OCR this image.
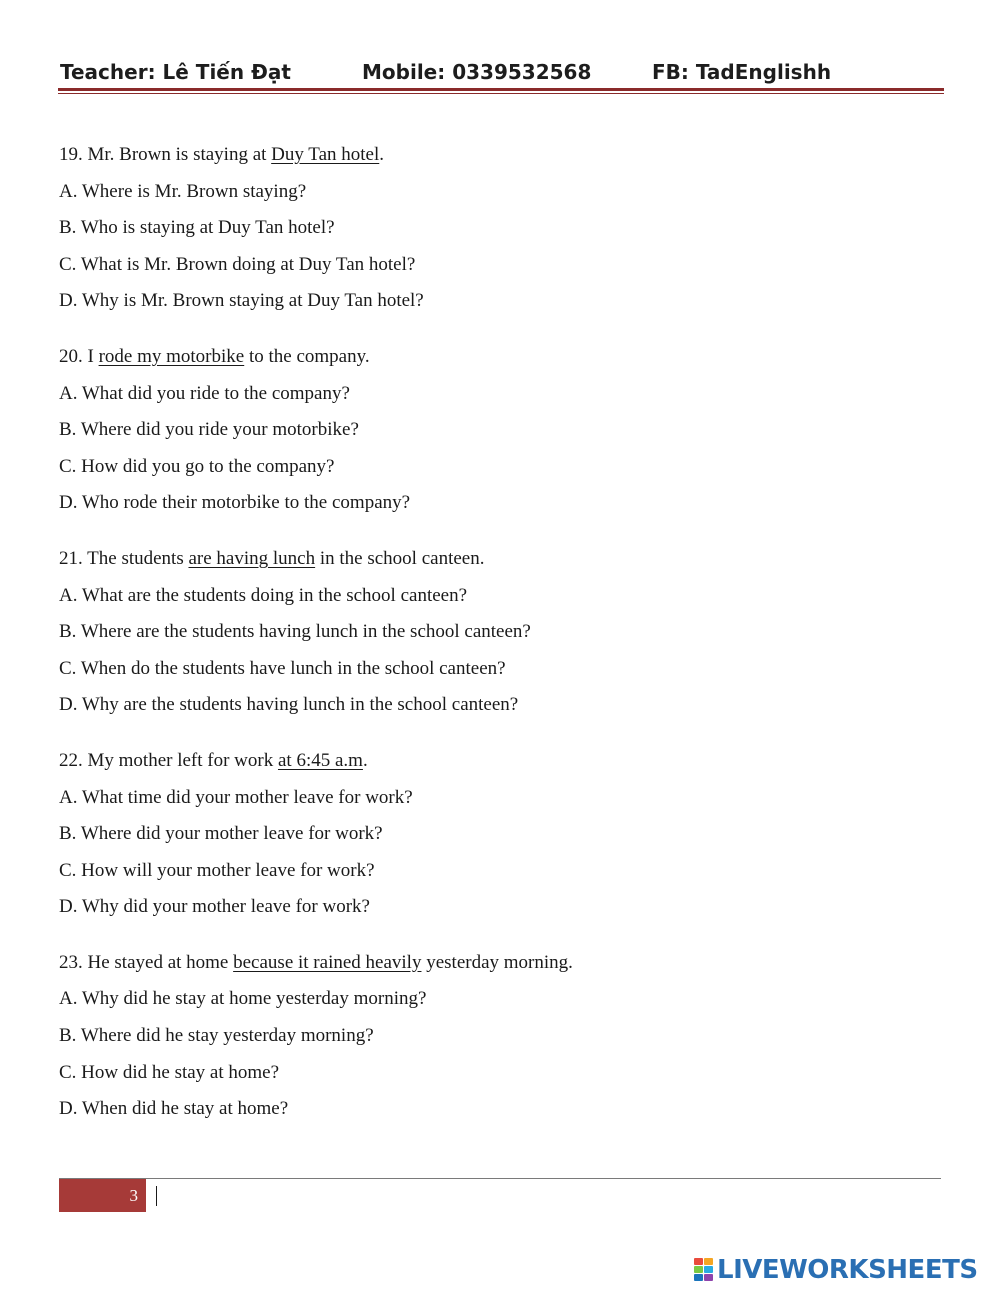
Teacher: Lê Tiến Đạt	Mobile: 0339532568	FB: TadEnglishh
19. Mr. Brown is staying at Duy Tan hotel.
A. Where is Mr. Brown staying?
B. Who is staying at Duy Tan hotel?
C. What is Mr. Brown doing at Duy Tan hotel?
D. Why is Mr. Brown staying at Duy Tan hotel?
20. I rode my motorbike to the company.
A. What did you ride to the company?
B. Where did you ride your motorbike?
C. How did you go to the company?
D. Who rode their motorbike to the company?
21. The students are having lunch in the school canteen.
A. What are the students doing in the school canteen?
B. Where are the students having lunch in the school canteen?
C. When do the students have lunch in the school canteen?
D. Why are the students having lunch in the school canteen?
22. My mother left for work at 6:45 a.m.
A. What time did your mother leave for work?
B. Where did your mother leave for work?
C. How will your mother leave for work?
D. Why did your mother leave for work?
23. He stayed at home because it rained heavily yesterday morning.
A. Why did he stay at home yesterday morning?
B. Where did he stay yesterday morning?
C. How did he stay at home?
D. When did he stay at home?
3
LIVEWORKSHEETS
